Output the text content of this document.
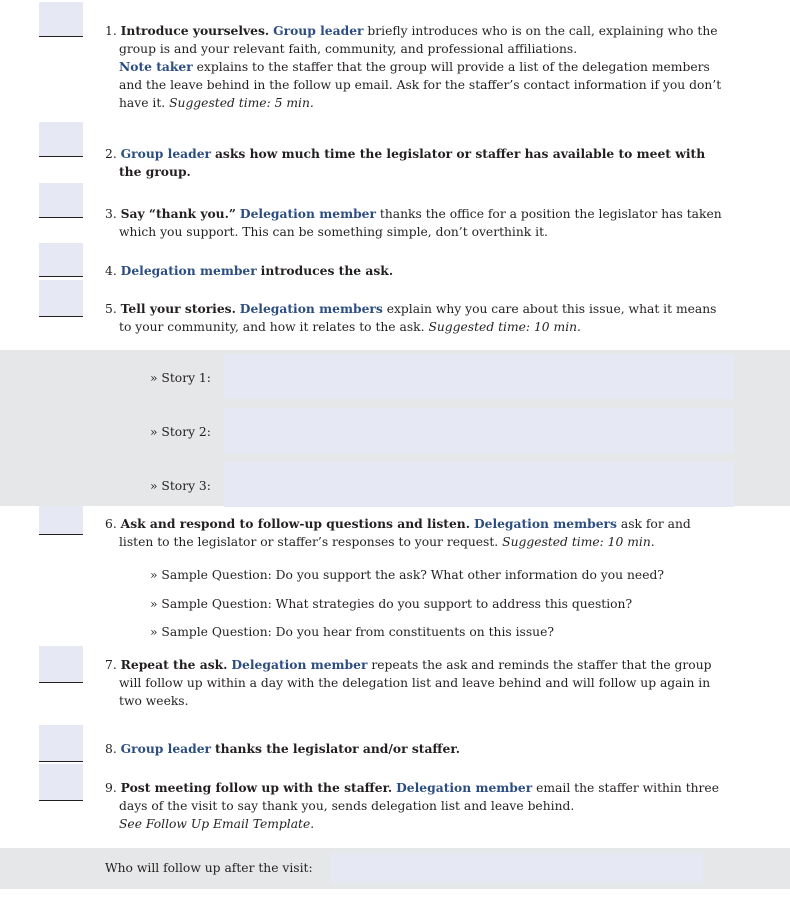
1. Introduce yourselves. Group leader briefly introduces who is on the call, explaining who the group is and your relevant faith, community, and professional affiliations.
Note taker explains to the staffer that the group will provide a list of the delegation members and the leave behind in the follow up email. Ask for the staffer’s contact information if you don’t have it. Suggested time: 5 min.
2. Group leader asks how much time the legislator or staffer has available to meet with the group.
3. Say “thank you.” Delegation member thanks the office for a position the legislator has taken which you support. This can be something simple, don’t overthink it.
4. Delegation member introduces the ask.
5. Tell your stories. Delegation members explain why you care about this issue, what it means to your community, and how it relates to the ask. Suggested time: 10 min.
» Story 1:
» Story 2:
» Story 3:
6. Ask and respond to follow-up questions and listen. Delegation members ask for and listen to the legislator or staffer’s responses to your request. Suggested time: 10 min.
» Sample Question: Do you support the ask? What other information do you need?
» Sample Question: What strategies do you support to address this question?
» Sample Question: Do you hear from constituents on this issue?
7. Repeat the ask. Delegation member repeats the ask and reminds the staffer that the group will follow up within a day with the delegation list and leave behind and will follow up again in two weeks.
8. Group leader thanks the legislator and/or staffer.
9. Post meeting follow up with the staffer. Delegation member email the staffer within three days of the visit to say thank you, sends delegation list and leave behind.
See Follow Up Email Template.
Who will follow up after the visit:
